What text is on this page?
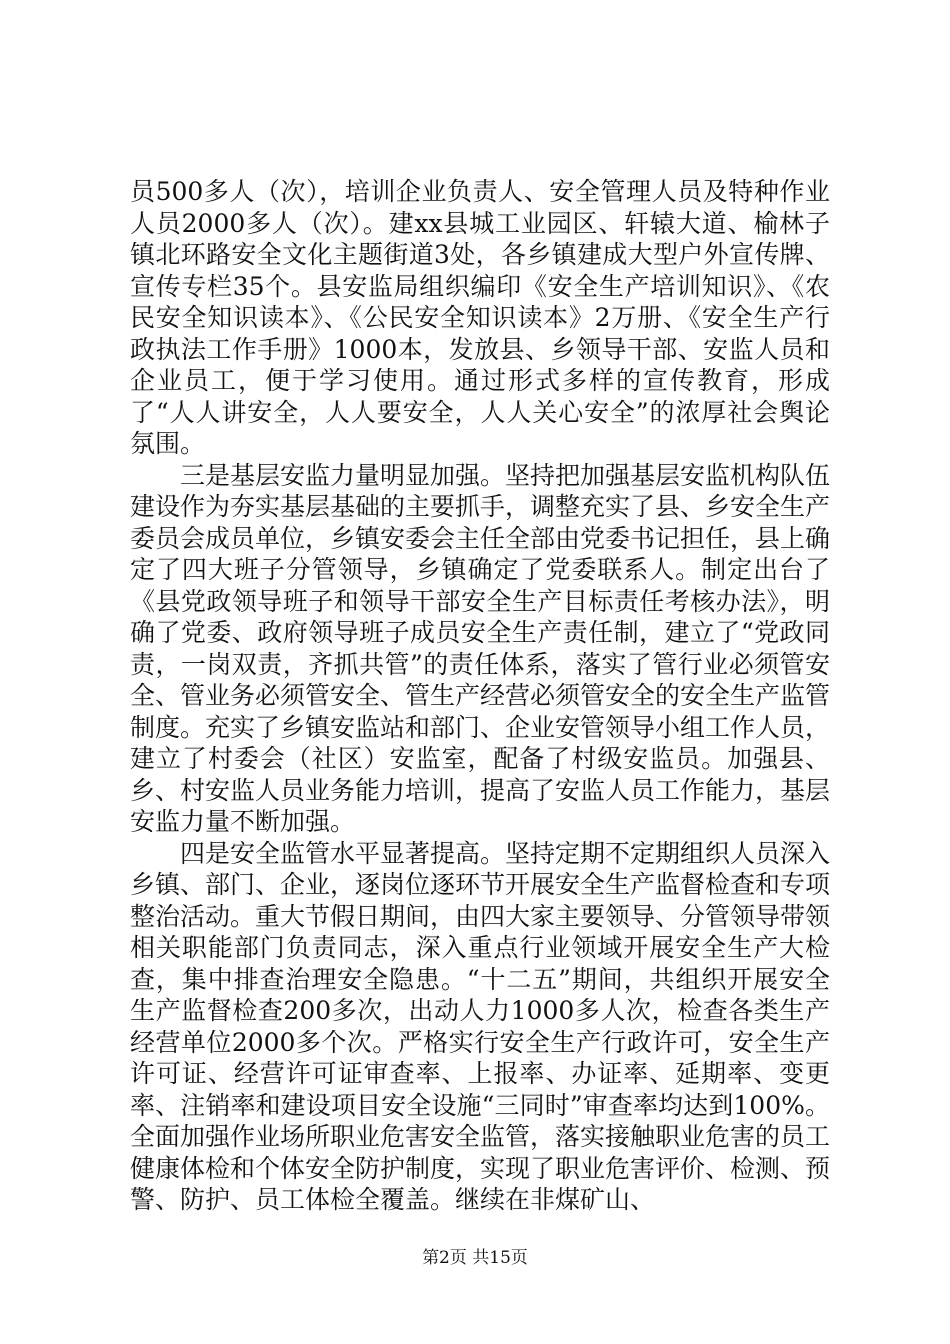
员500多人（次），培训企业负责人、安全管理人员及特种作业人员2000多人（次）。建xx县城工业园区、轩辕大道、榆林子镇北环路安全文化主题街道3处，各乡镇建成大型户外宣传牌、宣传专栏35个。县安监局组织编印《安全生产培训知识》、《农民安全知识读本》、《公民安全知识读本》2万册、《安全生产行政执法工作手册》1000本，发放县、乡领导干部、安监人员和企业员工，便于学习使用。通过形式多样的宣传教育，形成了“人人讲安全，人人要安全，人人关心安全”的浓厚社会舆论氛围。

三是基层安监力量明显加强。坚持把加强基层安监机构队伍建设作为夯实基层基础的主要抓手，调整充实了县、乡安全生产委员会成员单位，乡镇安委会主任全部由党委书记担任，县上确定了四大班子分管领导，乡镇确定了党委联系人。制定出台了《县党政领导班子和领导干部安全生产目标责任考核办法》，明确了党委、政府领导班子成员安全生产责任制，建立了“党政同责，一岗双责，齐抓共管”的责任体系，落实了管行业必须管安全、管业务必须管安全、管生产经营必须管安全的安全生产监管制度。充实了乡镇安监站和部门、企业安管领导小组工作人员，建立了村委会（社区）安监室，配备了村级安监员。加强县、乡、村安监人员业务能力培训，提高了安监人员工作能力，基层安监力量不断加强。

四是安全监管水平显著提高。坚持定期不定期组织人员深入乡镇、部门、企业，逐岗位逐环节开展安全生产监督检查和专项整治活动。重大节假日期间，由四大家主要领导、分管领导带领相关职能部门负责同志，深入重点行业领域开展安全生产大检查，集中排查治理安全隐患。“十二五”期间，共组织开展安全生产监督检查200多次，出动人力1000多人次，检查各类生产经营单位2000多个次。严格实行安全生产行政许可，安全生产许可证、经营许可证审查率、上报率、办证率、延期率、变更率、注销率和建设项目安全设施“三同时”审查率均达到100%。全面加强作业场所职业危害安全监管，落实接触职业危害的员工健康体检和个体安全防护制度，实现了职业危害评价、检测、预警、防护、员工体检全覆盖。继续在非煤矿山、

第2页 共15页
